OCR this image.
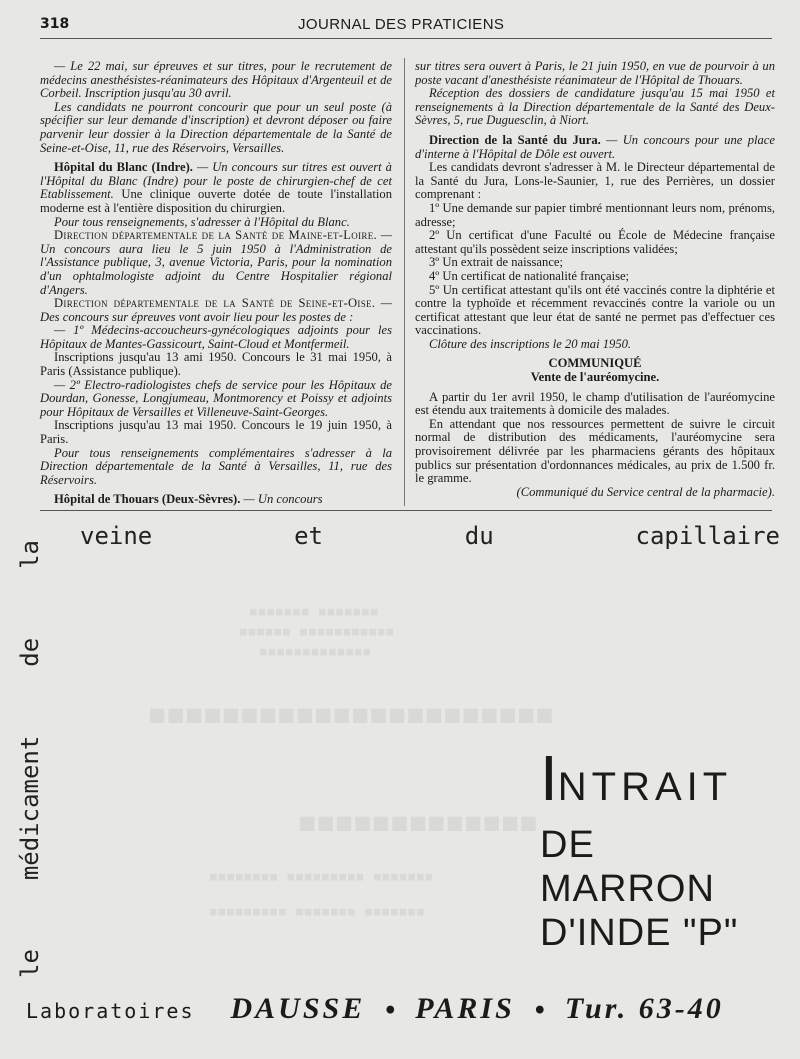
318	JOURNAL DES PRATICIENS

— Le 22 mai, sur épreuves et sur titres, pour le recrutement de médecins anesthésistes-réanimateurs des Hôpitaux d'Argenteuil et de Corbeil. Inscription jusqu'au 30 avril.

Les candidats ne pourront concourir que pour un seul poste (à spécifier sur leur demande d'inscription) et devront déposer ou faire parvenir leur dossier à la Direction départementale de la Santé de Seine-et-Oise, 11, rue des Réservoirs, Versailles.

Hôpital du Blanc (Indre). — Un concours sur titres est ouvert à l'Hôpital du Blanc (Indre) pour le poste de chirurgien-chef de cet Etablissement. Une clinique ouverte dotée de toute l'installation moderne est à l'entière disposition du chirurgien.

Pour tous renseignements, s'adresser à l'Hôpital du Blanc.

Direction départementale de la Santé de Maine-et-Loire. — Un concours aura lieu le 5 juin 1950 à l'Administration de l'Assistance publique, 3, avenue Victoria, Paris, pour la nomination d'un ophtalmologiste adjoint du Centre Hospitalier régional d'Angers.

Direction départementale de la Santé de Seine-et-Oise. — Des concours sur épreuves vont avoir lieu pour les postes de :

— 1º Médecins-accoucheurs-gynécologiques adjoints pour les Hôpitaux de Mantes-Gassicourt, Saint-Cloud et Montfermeil.

Inscriptions jusqu'au 13 ami 1950. Concours le 31 mai 1950, à Paris (Assistance publique).

— 2º Electro-radiologistes chefs de service pour les Hôpitaux de Dourdan, Gonesse, Longjumeau, Montmorency et Poissy et adjoints pour Hôpitaux de Versailles et Villeneuve-Saint-Georges.

Inscriptions jusqu'au 13 mai 1950. Concours le 19 juin 1950, à Paris.

Pour tous renseignements complémentaires s'adresser à la Direction départementale de la Santé à Versailles, 11, rue des Réservoirs.

Hôpital de Thouars (Deux-Sèvres). — Un concours

sur titres sera ouvert à Paris, le 21 juin 1950, en vue de pourvoir à un poste vacant d'anesthésiste réanimateur de l'Hôpital de Thouars.

Réception des dossiers de candidature jusqu'au 15 mai 1950 et renseignements à la Direction départementale de la Santé des Deux-Sèvres, 5, rue Duguesclin, à Niort.

Direction de la Santé du Jura. — Un concours pour une place d'interne à l'Hôpital de Dôle est ouvert.

Les candidats devront s'adresser à M. le Directeur départemental de la Santé du Jura, Lons-le-Saunier, 1, rue des Perrières, un dossier comprenant :

1º Une demande sur papier timbré mentionnant leurs nom, prénoms, adresse;

2º Un certificat d'une Faculté ou École de Médecine française attestant qu'ils possèdent seize inscriptions validées;

3º Un extrait de naissance;

4º Un certificat de nationalité française;

5º Un certificat attestant qu'ils ont été vaccinés contre la diphtérie et contre la typhoïde et récemment revaccinés contre la variole ou un certificat attestant que leur état de santé ne permet pas d'effectuer ces vaccinations.

Clôture des inscriptions le 20 mai 1950.

COMMUNIQUÉ

Vente de l'auréomycine.

A partir du 1er avril 1950, le champ d'utilisation de l'auréomycine est étendu aux traitements à domicile des malades.

En attendant que nos ressources permettent de suivre le circuit normal de distribution des médicaments, l'auréomycine sera provisoirement délivrée par les pharmaciens gérants des hôpitaux publics sur présentation d'ordonnances médicales, au prix de 1.500 fr. le gramme.

(Communiqué du Service central de la pharmacie).

le médicament de la
veine	et	du	capillaire
■■■■■■■ ■■■■■■■
■■■■■■ ■■■■■■■■■■■
■■■■■■■■■■■■■
■■■■■■■■■■■■■■■■■■■■■■
■■■■■■■■■■■■■
■■■■■■■■ ■■■■■■■■■ ■■■■■■■
■■■■■■■■■ ■■■■■■■ ■■■■■■■
INTRAIT
DE MARRON
D'INDE "P"
Laboratoires DAUSSE • PARIS • Tur. 63-40
